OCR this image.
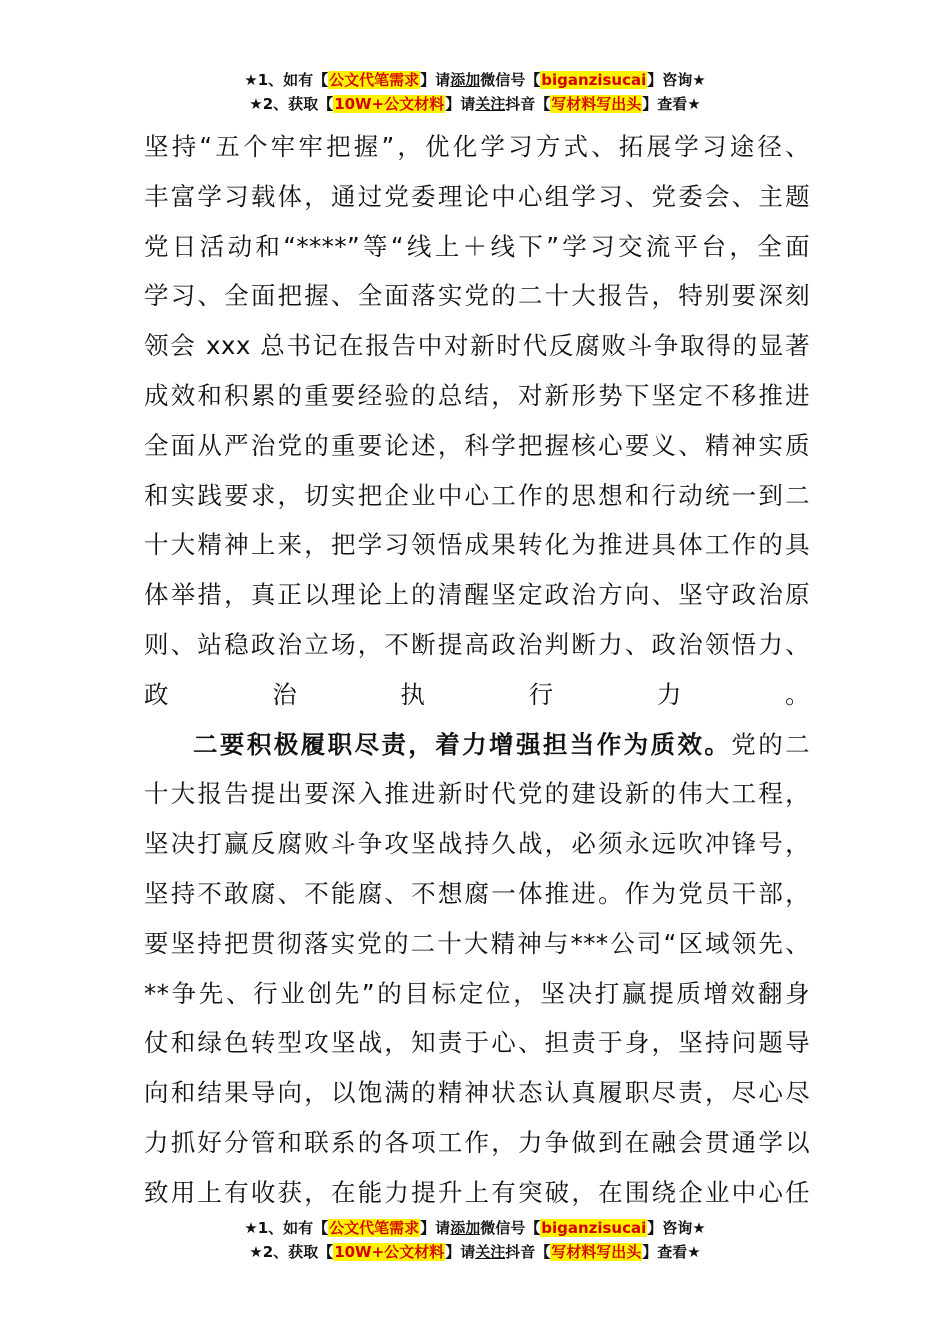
★1、如有【公文代笔需求】请添加微信号【biganzisucai】咨询★
★2、获取【10W+公文材料】请关注抖音【写材料写出头】查看★
坚持“五个牢牢把握”，优化学习方式、拓展学习途径、
丰富学习载体，通过党委理论中心组学习、党委会、主题
党日活动和“****”等“线上＋线下”学习交流平台，全面
学习、全面把握、全面落实党的二十大报告，特别要深刻
领会 xxx 总书记在报告中对新时代反腐败斗争取得的显著
成效和积累的重要经验的总结，对新形势下坚定不移推进
全面从严治党的重要论述，科学把握核心要义、精神实质
和实践要求，切实把企业中心工作的思想和行动统一到二
十大精神上来，把学习领悟成果转化为推进具体工作的具
体举措，真正以理论上的清醒坚定政治方向、坚守政治原
则、站稳政治立场，不断提高政治判断力、政治领悟力、
政治执行力。
二要积极履职尽责，着力增强担当作为质效。党的二
十大报告提出要深入推进新时代党的建设新的伟大工程，
坚决打赢反腐败斗争攻坚战持久战，必须永远吹冲锋号，
坚持不敢腐、不能腐、不想腐一体推进。作为党员干部，
要坚持把贯彻落实党的二十大精神与***公司“区域领先、
**争先、行业创先”的目标定位，坚决打赢提质增效翻身
仗和绿色转型攻坚战，知责于心、担责于身，坚持问题导
向和结果导向，以饱满的精神状态认真履职尽责，尽心尽
力抓好分管和联系的各项工作，力争做到在融会贯通学以
致用上有收获，在能力提升上有突破，在围绕企业中心任
★1、如有【公文代笔需求】请添加微信号【biganzisucai】咨询★
★2、获取【10W+公文材料】请关注抖音【写材料写出头】查看★
